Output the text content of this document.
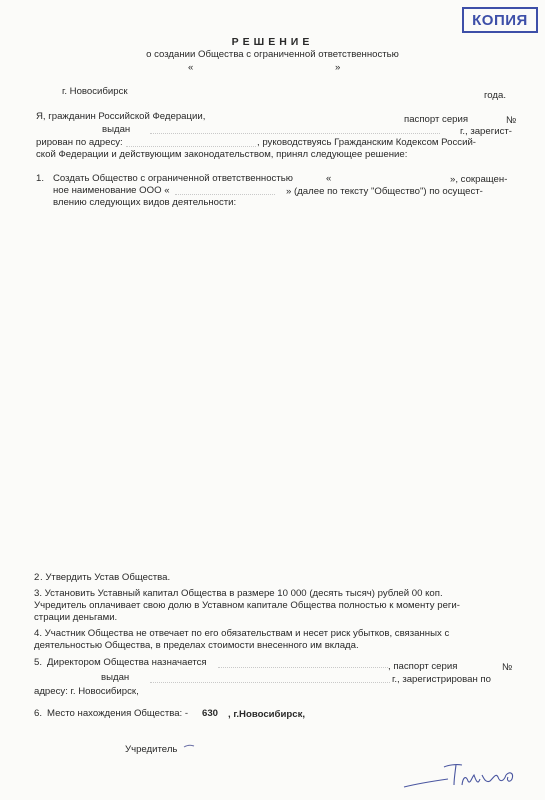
КОПИЯ
РЕШЕНИЕ
о создании Общества с ограниченной ответственностью
«	»
г. Новосибирск	года.
Я, гражданин Российской Федерации,	паспорт серия	№
выдан	г., зарегист-
рирован по адресу:	, руководствуясь Гражданским Кодексом Россий-
ской Федерации и действующим законодательством, принял следующее решение:
1. Создать Общество с ограниченной ответственностью	«	», сокращен-
ное наименование ООО «	» (далее по тексту "Общество") по осущест-
влению следующих видов деятельности:
2 . Утвердить Устав Общества.
3. Установить Уставный капитал Общества в размере 10 000 (десять тысяч) рублей 00 коп.
Учредитель оплачивает свою долю в Уставном капитале Общества полностью к моменту реги-
страции деньгами.
4. Участник Общества не отвечает по его обязательствам и несет риск убытков, связанных с
деятельностью Общества, в пределах стоимости внесенного им вклада.
5. Директором Общества назначается	, паспорт серия	№
выдан	г., зарегистрирован по
адресу: г. Новосибирск,
6. Место нахождения Общества: - 630 , г.Новосибирск,
Учредитель
